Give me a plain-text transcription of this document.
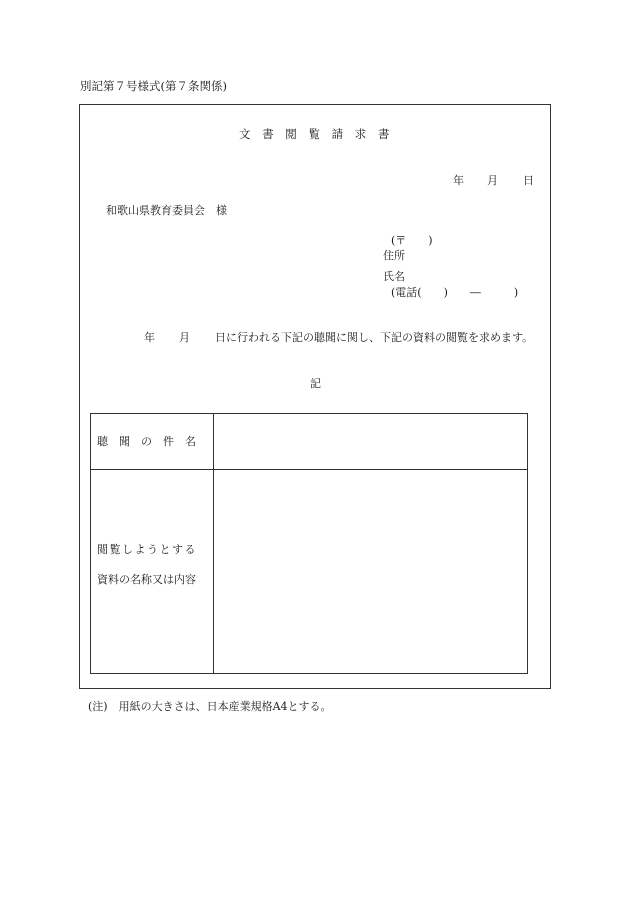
別記第７号様式(第７条関係)
文 書 閲 覧 請 求 書
年 月 日
和歌山県教育委員会　様
(〒　　)
住所
氏名
(電話(　　)　　―　　　)
年 月 日に行われる下記の聴聞に関し、下記の資料の閲覧を求めます。
記
聴　聞　の　件　名
閲覧しようとする
資料の名称又は内容
(注)　用紙の大きさは、日本産業規格A4とする。
